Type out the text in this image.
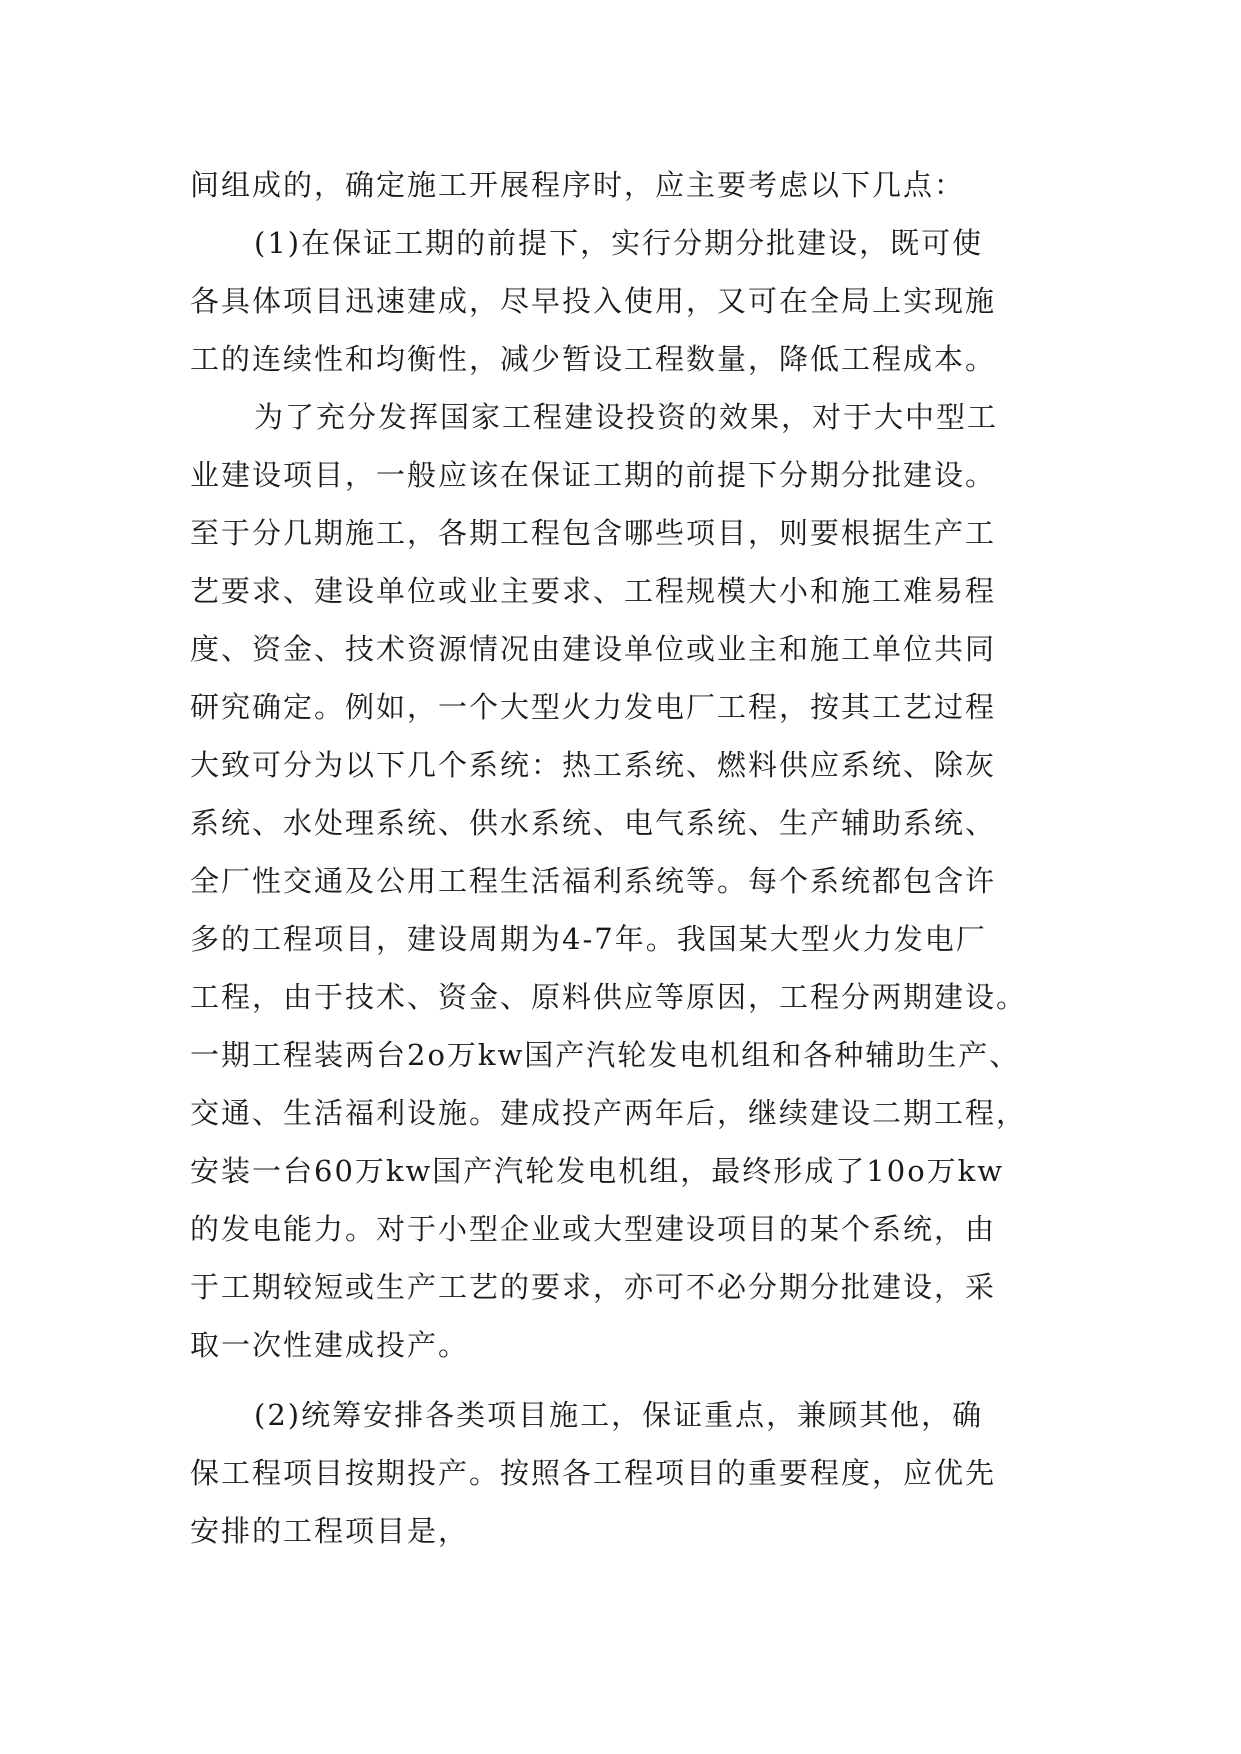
间组成的，确定施工开展程序时，应主要考虑以下几点：
(1)在保证工期的前提下，实行分期分批建设，既可使
各具体项目迅速建成，尽早投入使用，又可在全局上实现施
工的连续性和均衡性，减少暂设工程数量，降低工程成本。
为了充分发挥国家工程建设投资的效果，对于大中型工
业建设项目，一般应该在保证工期的前提下分期分批建设。
至于分几期施工，各期工程包含哪些项目，则要根据生产工
艺要求、建设单位或业主要求、工程规模大小和施工难易程
度、资金、技术资源情况由建设单位或业主和施工单位共同
研究确定。例如，一个大型火力发电厂工程，按其工艺过程
大致可分为以下几个系统：热工系统、燃料供应系统、除灰
系统、水处理系统、供水系统、电气系统、生产辅助系统、
全厂性交通及公用工程生活福利系统等。每个系统都包含许
多的工程项目，建设周期为4-7年。我国某大型火力发电厂
工程，由于技术、资金、原料供应等原因，工程分两期建设。
一期工程装两台2o万kw国产汽轮发电机组和各种辅助生产、
交通、生活福利设施。建成投产两年后，继续建设二期工程，
安装一台60万kw国产汽轮发电机组，最终形成了10o万kw
的发电能力。对于小型企业或大型建设项目的某个系统，由
于工期较短或生产工艺的要求，亦可不必分期分批建设，采
取一次性建成投产。
(2)统筹安排各类项目施工，保证重点，兼顾其他，确
保工程项目按期投产。按照各工程项目的重要程度，应优先
安排的工程项目是，
